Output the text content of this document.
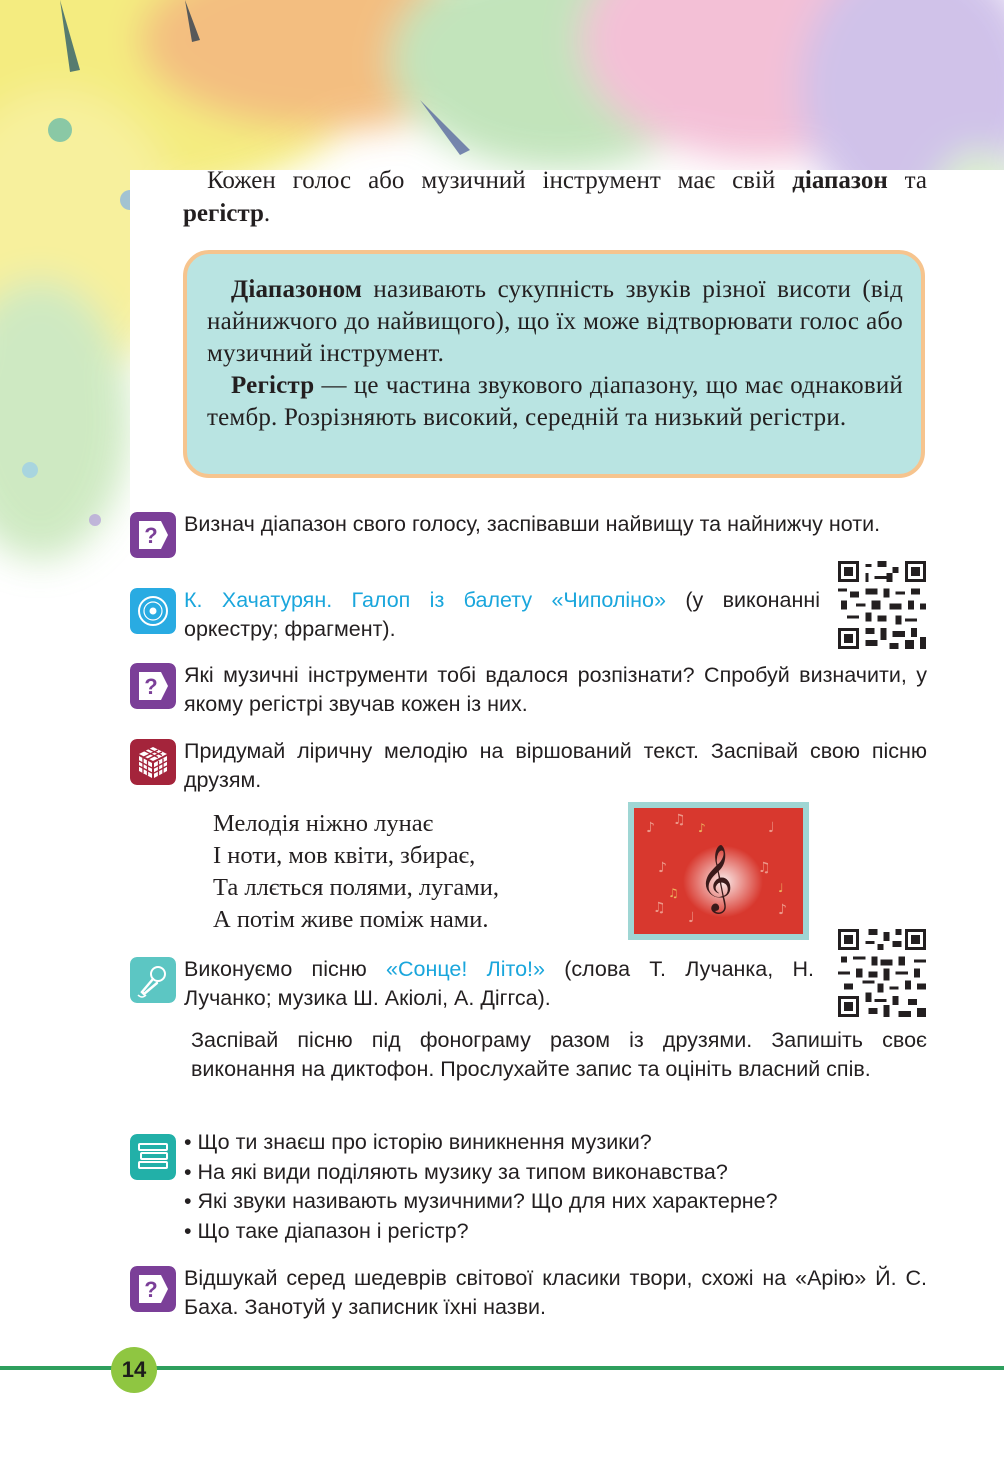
Кожен голос або музичний інструмент має свій діапазон та регістр.

Діапазоном називають сукупність звуків різної висоти (від найнижчого до найвищого), що їх може відтворювати голос або музичний інструмент.

Регістр — це частина звукового діапазону, що має однаковий тембр. Розрізняють високий, середній та низький регістри.

? Визнач діапазон свого голосу, заспівавши найвищу та найнижчу ноти.
К. Хачатурян. Галоп із балету «Чиполіно» (у виконанні оркестру; фрагмент).
? Які музичні інструменти тобі вдалося розпізнати? Спробуй визначити, у якому регістрі звучав кожен із них.
Придумай ліричну мелодію на віршований текст. Заспівай свою пісню друзям.
Мелодія ніжно лунає
І ноти, мов квіти, збирає,
Та ллється полями, лугами,
А потім живе поміж нами.
♪ ♫	♩
♫	♪
♩
♫
♪
♪
♩
♫ 𝄞
Виконуємо пісню «Сонце! Літо!» (слова Т. Лучанка, Н. Лучанко; музика Ш. Акіолі, А. Діггса).
Заспівай пісню під фонограму разом із друзями. Запишіть своє виконання на диктофон. Прослухайте запис та оцініть власний спів.
• Що ти знаєш про історію виникнення музики?
• На які види поділяють музику за типом виконавства?
• Які звуки називають музичними? Що для них характерне?
• Що таке діапазон і регістр?
? Відшукай серед шедеврів світової класики твори, схожі на «Арію» Й. С. Баха. Занотуй у записник їхні назви.
14
